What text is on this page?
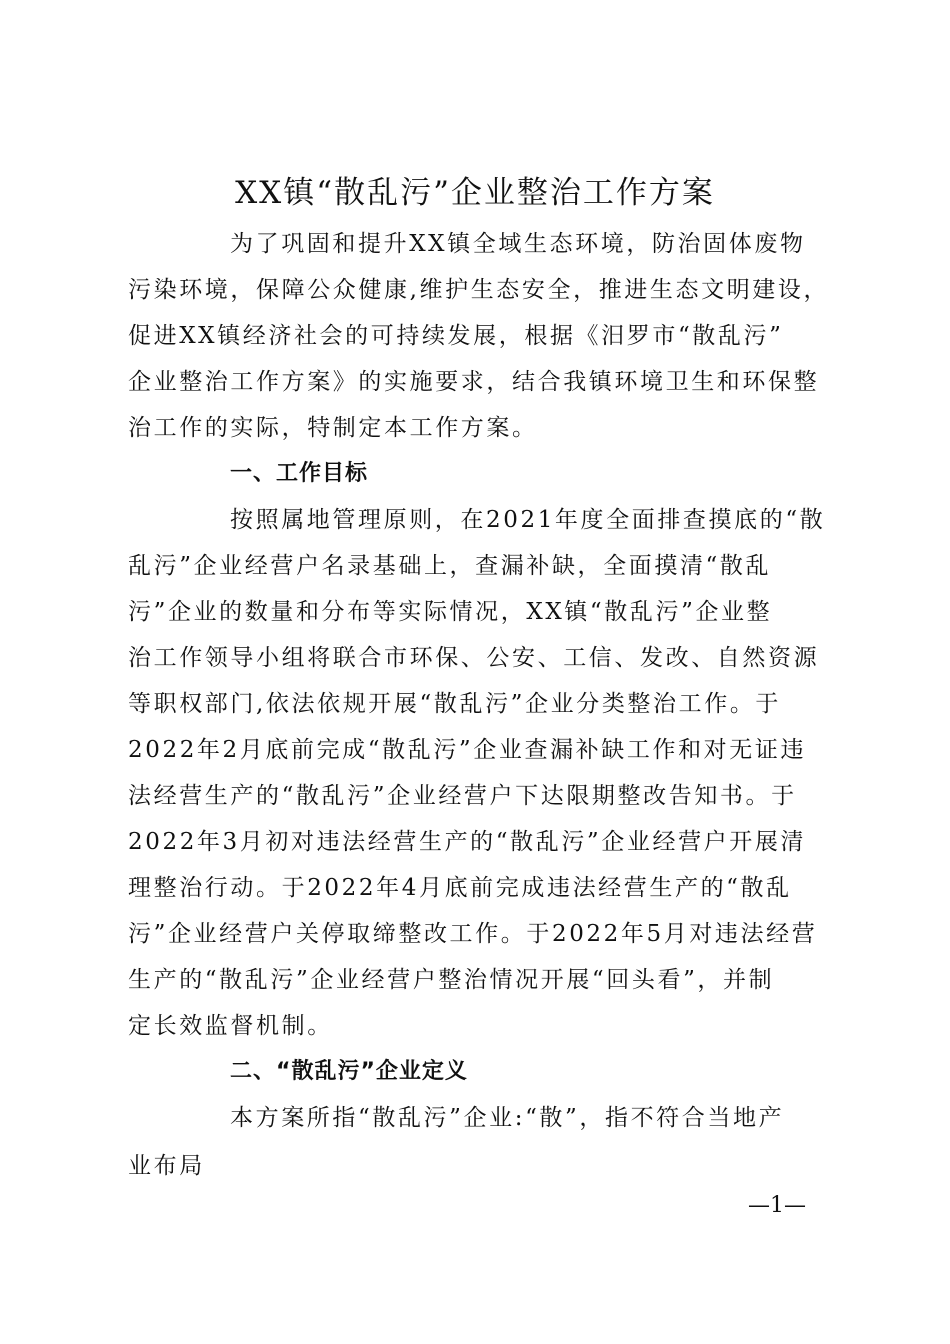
XX镇“散乱污”企业整治工作方案
为了巩固和提升XX镇全域生态环境，防治固体废物
污染环境，保障公众健康,维护生态安全，推进生态文明建设，
促进XX镇经济社会的可持续发展，根据《汨罗市“散乱污”
企业整治工作方案》的实施要求，结合我镇环境卫生和环保整
治工作的实际，特制定本工作方案。
一、工作目标
按照属地管理原则，在2021年度全面排查摸底的“散
乱污”企业经营户名录基础上，查漏补缺，全面摸清“散乱
污”企业的数量和分布等实际情况，XX镇“散乱污”企业整
治工作领导小组将联合市环保、公安、工信、发改、自然资源
等职权部门,依法依规开展“散乱污”企业分类整治工作。于
2022年2月底前完成“散乱污”企业查漏补缺工作和对无证违
法经营生产的“散乱污”企业经营户下达限期整改告知书。于
2022年3月初对违法经营生产的“散乱污”企业经营户开展清
理整治行动。于2022年4月底前完成违法经营生产的“散乱
污”企业经营户关停取缔整改工作。于2022年5月对违法经营
生产的“散乱污”企业经营户整治情况开展“回头看”，并制
定长效监督机制。
二、“散乱污”企业定义
本方案所指“散乱污”企业:“散”，指不符合当地产
业布局
—1—
